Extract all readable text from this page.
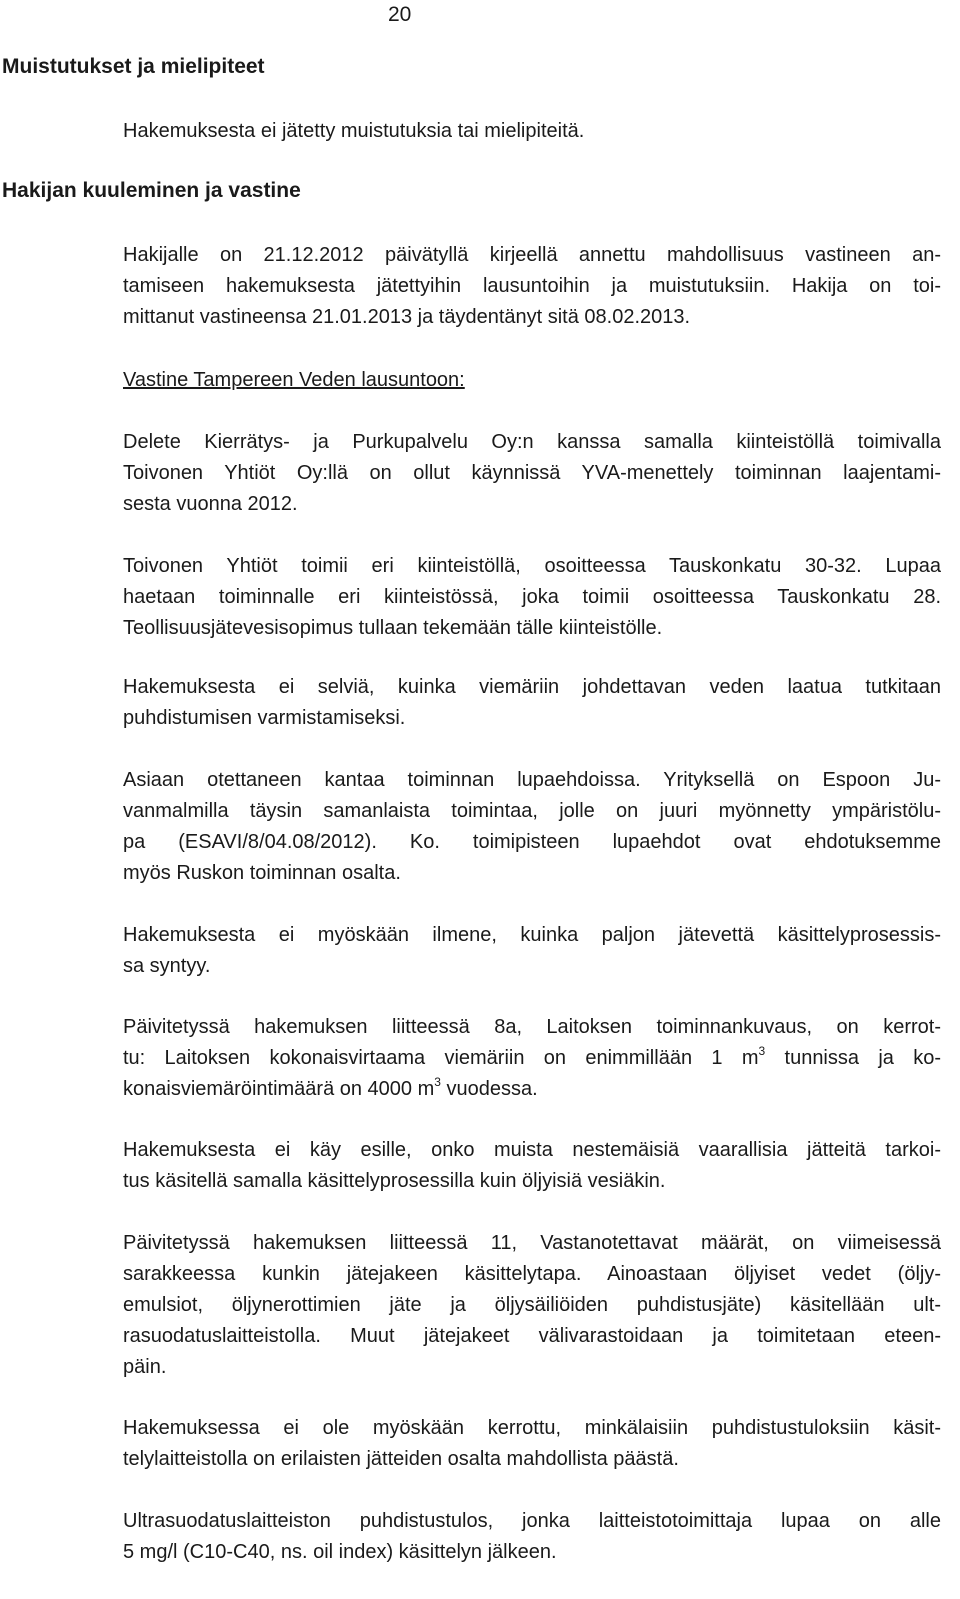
20
Muistutukset ja mielipiteet
Hakemuksesta ei jätetty muistutuksia tai mielipiteitä.
Hakijan kuuleminen ja vastine
Hakijalle on 21.12.2012 päivätyllä kirjeellä annettu mahdollisuus vastineen an-
tamiseen hakemuksesta jätettyihin lausuntoihin ja muistutuksiin. Hakija on toi-
mittanut vastineensa 21.01.2013 ja täydentänyt sitä 08.02.2013.
Vastine Tampereen Veden lausuntoon:
Delete Kierrätys- ja Purkupalvelu Oy:n kanssa samalla kiinteistöllä toimivalla
Toivonen Yhtiöt Oy:llä on ollut käynnissä YVA-menettely toiminnan laajentami-
sesta vuonna 2012.
Toivonen Yhtiöt toimii eri kiinteistöllä, osoitteessa Tauskonkatu 30-32. Lupaa
haetaan toiminnalle eri kiinteistössä, joka toimii osoitteessa Tauskonkatu 28.
Teollisuusjätevesisopimus tullaan tekemään tälle kiinteistölle.
Hakemuksesta ei selviä, kuinka viemäriin johdettavan veden laatua tutkitaan
puhdistumisen varmistamiseksi.
Asiaan otettaneen kantaa toiminnan lupaehdoissa. Yrityksellä on Espoon Ju-
vanmalmilla täysin samanlaista toimintaa, jolle on juuri myönnetty ympäristölu-
pa (ESAVI/8/04.08/2012). Ko. toimipisteen lupaehdot ovat ehdotuksemme
myös Ruskon toiminnan osalta.
Hakemuksesta ei myöskään ilmene, kuinka paljon jätevettä käsittelyprosessis-
sa syntyy.
Päivitetyssä hakemuksen liitteessä 8a, Laitoksen toiminnankuvaus, on kerrot-
tu: Laitoksen kokonaisvirtaama viemäriin on enimmillään 1 $m^3$ tunnissa ja ko-
konaisviemäröintimäärä on 4000 $m^3$ vuodessa.
Hakemuksesta ei käy esille, onko muista nestemäisiä vaarallisia jätteitä tarkoi-
tus käsitellä samalla käsittelyprosessilla kuin öljyisiä vesiäkin.
Päivitetyssä hakemuksen liitteessä 11, Vastanotettavat määrät, on viimeisessä
sarakkeessa kunkin jätejakeen käsittelytapa. Ainoastaan öljyiset vedet (öljy-
emulsiot, öljynerottimien jäte ja öljysäiliöiden puhdistusjäte) käsitellään ult-
rasuodatuslaitteistolla. Muut jätejakeet välivarastoidaan ja toimitetaan eteen-
päin.
Hakemuksessa ei ole myöskään kerrottu, minkälaisiin puhdistustuloksiin käsit-
telylaitteistolla on erilaisten jätteiden osalta mahdollista päästä.
Ultrasuodatuslaitteiston puhdistustulos, jonka laitteistotoimittaja lupaa on alle
5 mg/l (C10-C40, ns. oil index) käsittelyn jälkeen.
